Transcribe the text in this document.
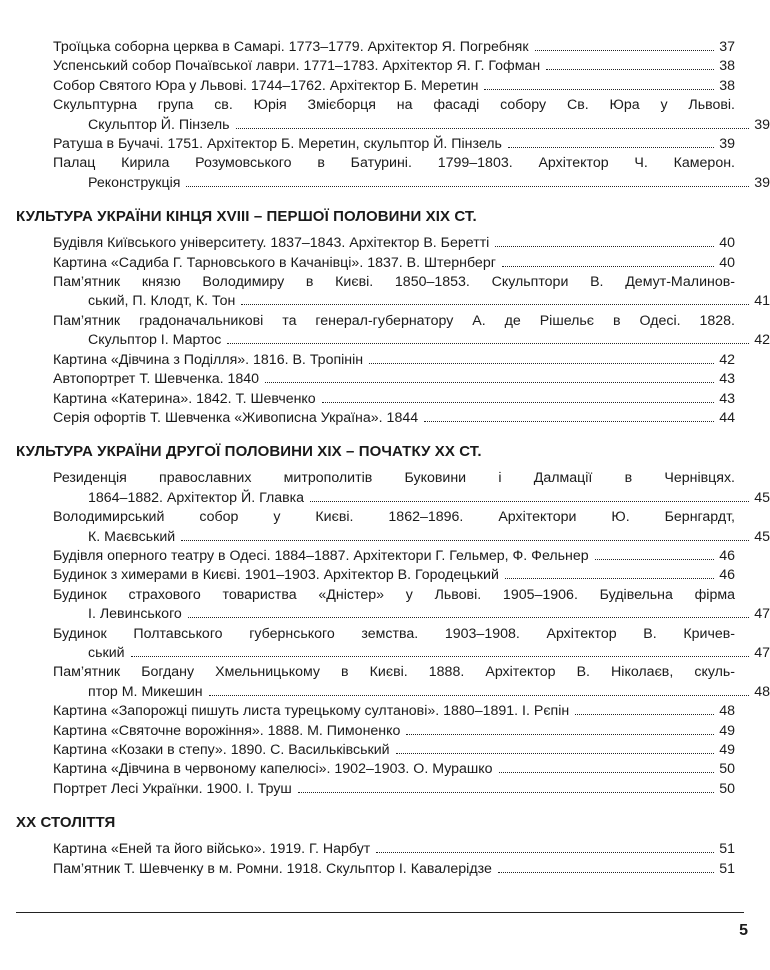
Троїцька соборна церква в Самарі. 1773–1779. Архітектор Я. Погребняк	37
Успенський собор Почаївської лаври. 1771–1783. Архітектор Я. Г. Гофман	38
Собор Святого Юра у Львові. 1744–1762. Архітектор Б. Меретин	38
Скульптурна група св. Юрія Змієборця на фасаді собору Св. Юра у Львові.
Скульптор Й. Пінзель	39
Ратуша в Бучачі. 1751. Архітектор Б. Меретин, скульптор Й. Пінзель	39
Палац Кирила Розумовського в Батурині. 1799–1803. Архітектор Ч. Камерон.
Реконструкція	39
КУЛЬТУРА УКРАЇНИ КІНЦЯ XVIII – ПЕРШОЇ ПОЛОВИНИ XIX СТ.
Будівля Київського університету. 1837–1843. Архітектор В. Беретті	40
Картина «Садиба Г. Тарновського в Качанівці». 1837. В. Штернберг	40
Пам’ятник князю Володимиру в Києві. 1850–1853. Скульптори В. Демут-Малинов-
ський, П. Клодт, К. Тон	41
Пам’ятник градоначальникові та генерал-губернатору А. де Рішельє в Одесі. 1828.
Скульптор І. Мартос	42
Картина «Дівчина з Поділля». 1816. В. Тропінін	42
Автопортрет Т. Шевченка. 1840	43
Картина «Катерина». 1842. Т. Шевченко	43
Серія офортів Т. Шевченка «Живописна Україна». 1844	44
КУЛЬТУРА УКРАЇНИ ДРУГОЇ ПОЛОВИНИ XIX – ПОЧАТКУ XX СТ.
Резиденція православних митрополитів Буковини і Далмації в Чернівцях.
1864–1882. Архітектор Й. Главка	45
Володимирський собор у Києві. 1862–1896. Архітектори Ю. Бернгардт,
К. Маєвський	45
Будівля оперного театру в Одесі. 1884–1887. Архітектори Г. Гельмер, Ф. Фельнер	46
Будинок з химерами в Києві. 1901–1903. Архітектор В. Городецький	46
Будинок страхового товариства «Дністер» у Львові. 1905–1906. Будівельна фірма
І. Левинського	47
Будинок Полтавського губернського земства. 1903–1908. Архітектор В. Кричев-
ський	47
Пам’ятник Богдану Хмельницькому в Києві. 1888. Архітектор В. Ніколаєв, скуль-
птор М. Микешин	48
Картина «Запорожці пишуть листа турецькому султанові». 1880–1891. І. Рєпін	48
Картина «Святочне ворожіння». 1888. М. Пимоненко	49
Картина «Козаки в степу». 1890. С. Васильківський	49
Картина «Дівчина в червоному капелюсі». 1902–1903. О. Мурашко	50
Портрет Лесі Українки. 1900. І. Труш	50
XX СТОЛІТТЯ
Картина «Еней та його військо». 1919. Г. Нарбут	51
Пам’ятник Т. Шевченку в м. Ромни. 1918. Скульптор І. Кавалерідзе	51
5
